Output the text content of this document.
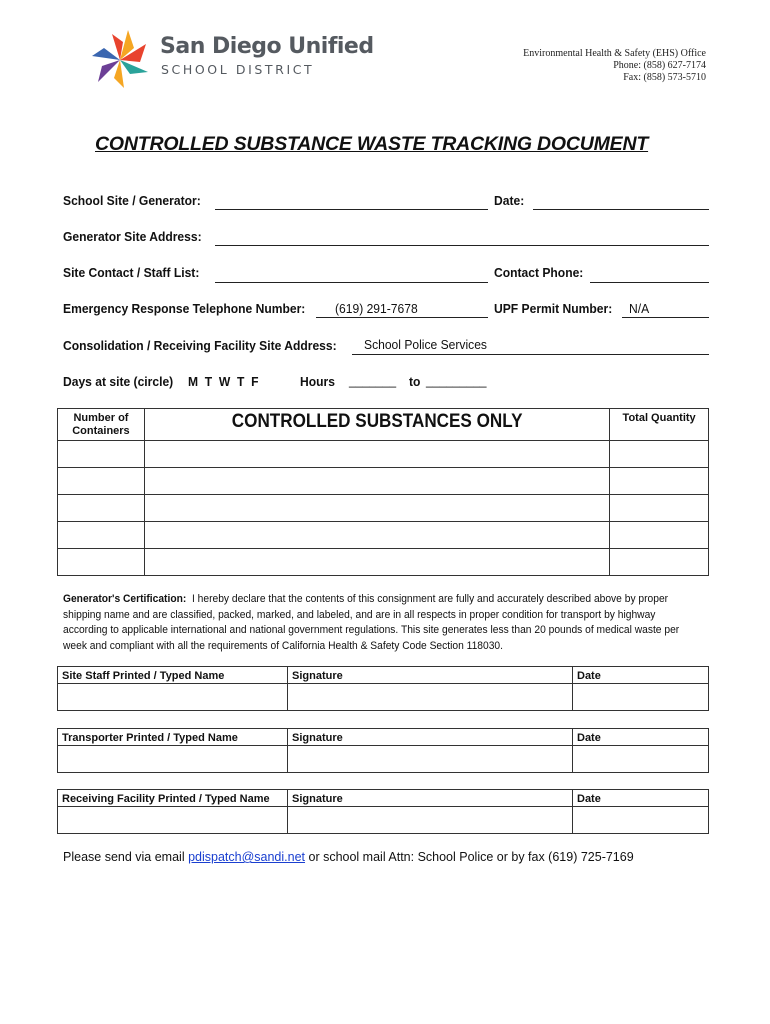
San Diego Unified
SCHOOL DISTRICT
Environmental Health & Safety (EHS) Office
Phone: (858) 627-7174
Fax: (858) 573-5710
CONTROLLED SUBSTANCE WASTE TRACKING DOCUMENT
School Site / Generator:	Date:
Generator Site Address:
Site Contact / Staff List:	Contact Phone:
Emergency Response Telephone Number: (619) 291-7678	UPF Permit Number: N/A
Consolidation / Receiving Facility Site Address: School Police Services
Days at site (circle) M  T  W  T  F	Hours _______ to _________
Number of Containers	CONTROLLED SUBSTANCES ONLY	Total Quantity

Generator's Certification: I hereby declare that the contents of this consignment are fully and accurately described above by proper shipping name and are classified, packed, marked, and labeled, and are in all respects in proper condition for transport by highway according to applicable international and national government regulations. This site generates less than 20 pounds of medical waste per week and compliant with all the requirements of California Health & Safety Code Section 118030.
Site Staff Printed / Typed Name	Signature	Date

Transporter Printed / Typed Name	Signature	Date

Receiving Facility Printed / Typed Name	Signature	Date

Please send via email pdispatch@sandi.net or school mail Attn: School Police or by fax (619) 725-7169
